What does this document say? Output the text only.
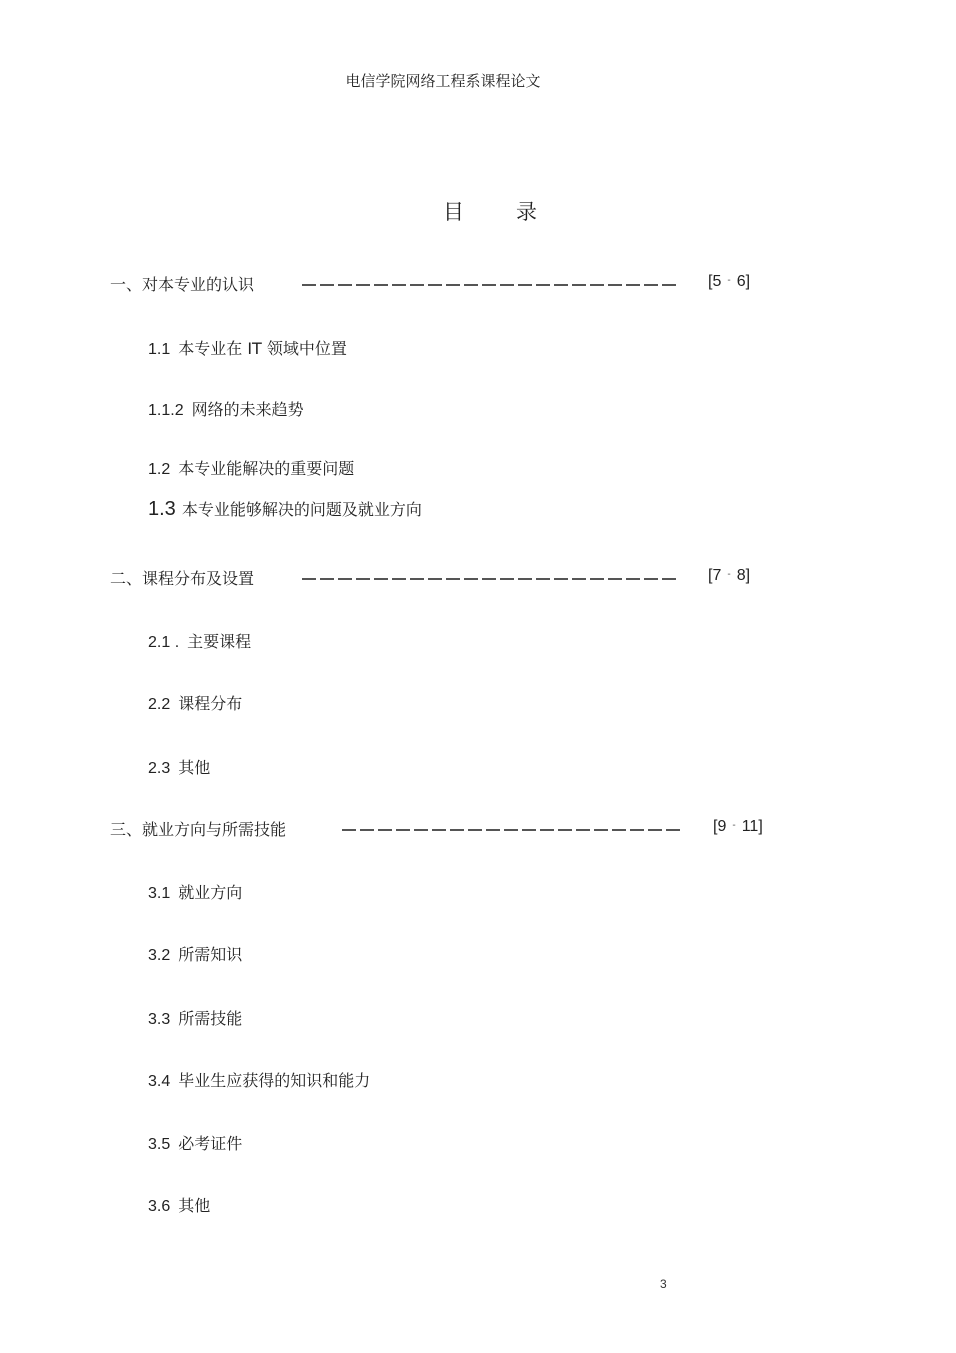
电信学院网络工程系课程论文
目 录
一、对本专业的认识	[5 - 6]
1.1 本专业在 IT 领域中位置
1.1.2 网络的未来趋势
1.2 本专业能解决的重要问题
1.3 本专业能够解决的问题及就业方向
二、课程分布及设置	[7 - 8]
2.1 . 主要课程
2.2 课程分布
2.3 其他
三、就业方向与所需技能	[9 - 11]
3.1 就业方向
3.2 所需知识
3.3 所需技能
3.4 毕业生应获得的知识和能力
3.5 必考证件
3.6 其他
3
